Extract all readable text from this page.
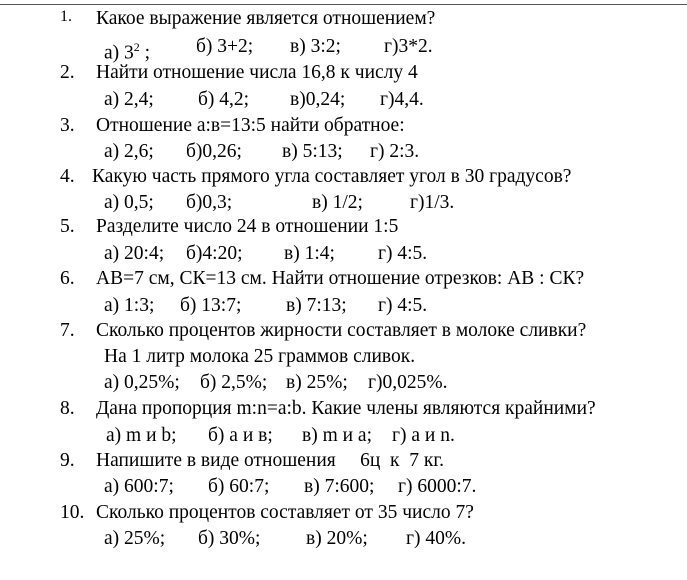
1. Какое выражение является отношением?
а) $3^2$ ; б) 3+2; в) 3:2; г)3*2.
2. Найти отношение числа 16,8 к числу 4
а) 2,4; б) 4,2; в)0,24; г)4,4.
3. Отношение а:в=13:5 найти обратное:
а) 2,6; б)0,26; в) 5:13; г) 2:3.
4. Какую часть прямого угла составляет угол в 30 градусов?
а) 0,5; б)0,3;	в) 1/2; г)1/3.
5. Разделите число 24 в отношении 1:5
а) 20:4; б)4:20; в) 1:4; г) 4:5.
6. АВ=7 см, СК=13 см. Найти отношение отрезков: АВ : СК?
а) 1:3; б) 13:7; в) 7:13; г) 4:5.
7. Сколько процентов жирности составляет в молоке сливки?
На 1 литр молока 25 граммов сливок.
а) 0,25%; б) 2,5%; в) 25%; г)0,025%.
8. Дана пропорция m:n=a:b. Какие члены являются крайними?
а) m и b; б) а и в; в) m и а; г) а и n.
9. Напишите в виде отношения     6ц  к  7 кг.
а) 600:7; б) 60:7; в) 7:600; г) 6000:7.
10. Сколько процентов составляет от 35 число 7?
а) 25%; б) 30%; в) 20%; г) 40%.
